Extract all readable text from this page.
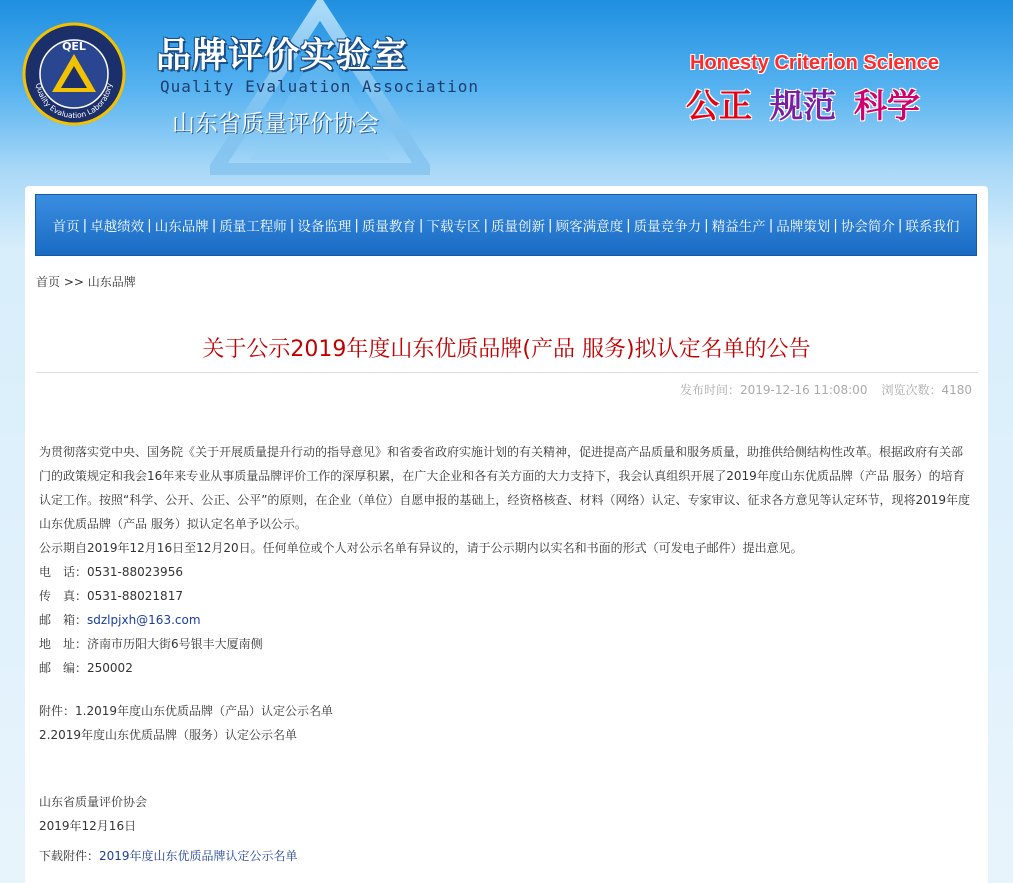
QEL
Quality Evaluation Laboratory
品牌评价实验室
Quality Evaluation Association
山东省质量评价协会
Honesty Criterion Science
公正 规范 科学
首页 | 卓越绩效 | 山东品牌 | 质量工程师 | 设备监理 | 质量教育 | 下载专区 | 质量创新 | 顾客满意度 | 质量竞争力 | 精益生产 | 品牌策划 | 协会简介 | 联系我们
首页 >> 山东品牌
关于公示2019年度山东优质品牌(产品 服务)拟认定名单的公告
发布时间：2019-12-16 11:08:00 浏览次数：4180

为贯彻落实党中央、国务院《关于开展质量提升行动的指导意见》和省委省政府实施计划的有关精神，促进提高产品质量和服务质量，助推供给侧结构性改革。根据政府有关部门的政策规定和我会16年来专业从事质量品牌评价工作的深厚积累，在广大企业和各有关方面的大力支持下，我会认真组织开展了2019年度山东优质品牌（产品 服务）的培育认定工作。按照“科学、公开、公正、公平”的原则，在企业（单位）自愿申报的基础上，经资格核查、材料（网络）认定、专家审议、征求各方意见等认定环节，现将2019年度山东优质品牌（产品 服务）拟认定名单予以公示。

公示期自2019年12月16日至12月20日。任何单位或个人对公示名单有异议的，请于公示期内以实名和书面的形式（可发电子邮件）提出意见。

电　话：0531-88023956

传　真：0531-88021817

邮　箱：sdzlpjxh@163.com

地　址：济南市历阳大街6号银丰大厦南侧

邮　编：250002

附件：1.2019年度山东优质品牌（产品）认定公示名单

2.2019年度山东优质品牌（服务）认定公示名单

山东省质量评价协会

2019年12月16日

下载附件：2019年度山东优质品牌认定公示名单
